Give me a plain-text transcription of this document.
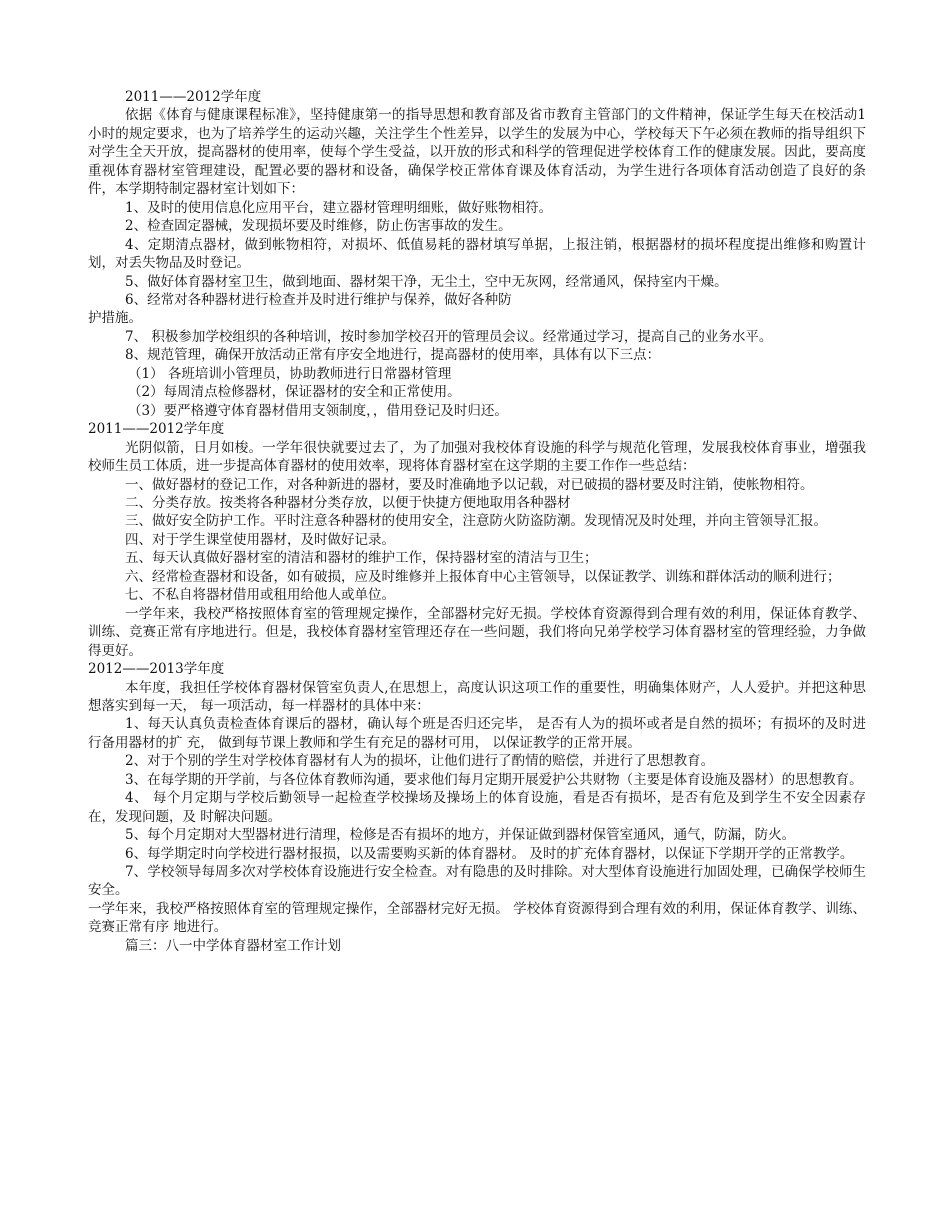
2011——2012学年度

依据《体育与健康课程标准》，坚持健康第一的指导思想和教育部及省市教育主管部门的文件精神，保证学生每天在校活动1小时的规定要求，也为了培养学生的运动兴趣，关注学生个性差异，以学生的发展为中心，学校每天下午必须在教师的指导组织下对学生全天开放，提高器材的使用率，使每个学生受益，以开放的形式和科学的管理促进学校体育工作的健康发展。因此，要高度重视体育器材室管理建设，配置必要的器材和设备，确保学校正常体育课及体育活动，为学生进行各项体育活动创造了良好的条件，本学期特制定器材室计划如下：

1、及时的使用信息化应用平台，建立器材管理明细账，做好账物相符。

2、检查固定器械，发现损坏要及时维修，防止伤害事故的发生。

4、定期清点器材，做到帐物相符，对损坏、低值易耗的器材填写单据，上报注销，根据器材的损坏程度提出维修和购置计划，对丢失物品及时登记。

5、做好体育器材室卫生，做到地面、器材架干净，无尘土，空中无灰网，经常通风，保持室内干燥。

6、经常对各种器材进行检查并及时进行维护与保养，做好各种防

护措施。

7、 积极参加学校组织的各种培训，按时参加学校召开的管理员会议。经常通过学习，提高自己的业务水平。

8、规范管理，确保开放活动正常有序安全地进行，提高器材的使用率，具体有以下三点：

（1） 各班培训小管理员，协助教师进行日常器材管理

（2）每周清点检修器材，保证器材的安全和正常使用。

（3）要严格遵守体育器材借用支领制度，，借用登记及时归还。

2011——2012学年度

光阴似箭，日月如梭。一学年很快就要过去了，为了加强对我校体育设施的科学与规范化管理，发展我校体育事业，增强我校师生员工体质，进一步提高体育器材的使用效率，现将体育器材室在这学期的主要工作作一些总结：

一、做好器材的登记工作，对各种新进的器材，要及时准确地予以记载，对已破损的器材要及时注销，使帐物相符。

二、分类存放。按类将各种器材分类存放，以便于快捷方便地取用各种器材

三、做好安全防护工作。平时注意各种器材的使用安全，注意防火防盗防潮。发现情况及时处理，并向主管领导汇报。

四、对于学生课堂使用器材，及时做好记录。

五、每天认真做好器材室的清洁和器材的维护工作，保持器材室的清洁与卫生；

六、经常检查器材和设备，如有破损，应及时维修并上报体育中心主管领导，以保证教学、训练和群体活动的顺利进行；

七、不私自将器材借用或租用给他人或单位。

一学年来，我校严格按照体育室的管理规定操作，全部器材完好无损。学校体育资源得到合理有效的利用，保证体育教学、训练、竞赛正常有序地进行。但是，我校体育器材室管理还存在一些问题，我们将向兄弟学校学习体育器材室的管理经验，力争做得更好。

2012——2013学年度

本年度，我担任学校体育器材保管室负责人,在思想上，高度认识这项工作的重要性，明确集体财产，人人爱护。并把这种思想落实到每一天， 每一项活动，每一样器材的具体中来：

1、每天认真负责检查体育课后的器材，确认每个班是否归还完毕， 是否有人为的损坏或者是自然的损坏；有损坏的及时进行备用器材的扩 充， 做到每节课上教师和学生有充足的器材可用， 以保证教学的正常开展。

2、对于个别的学生对学校体育器材有人为的损坏，让他们进行了酌情的赔偿，并进行了思想教育。

3、在每学期的开学前，与各位体育教师沟通，要求他们每月定期开展爱护公共财物（主要是体育设施及器材）的思想教育。

4、 每个月定期与学校后勤领导一起检查学校操场及操场上的体育设施，看是否有损坏，是否有危及到学生不安全因素存在，发现问题，及 时解决问题。

5、每个月定期对大型器材进行清理，检修是否有损坏的地方，并保证做到器材保管室通风，通气，防漏，防火。

6、每学期定时向学校进行器材报损，以及需要购买新的体育器材。 及时的扩充体育器材，以保证下学期开学的正常教学。

7、学校领导每周多次对学校体育设施进行安全检查。对有隐患的及时排除。对大型体育设施进行加固处理，已确保学校师生安全。

一学年来，我校严格按照体育室的管理规定操作，全部器材完好无损。 学校体育资源得到合理有效的利用，保证体育教学、训练、竞赛正常有序 地进行。

篇三：八一中学体育器材室工作计划
